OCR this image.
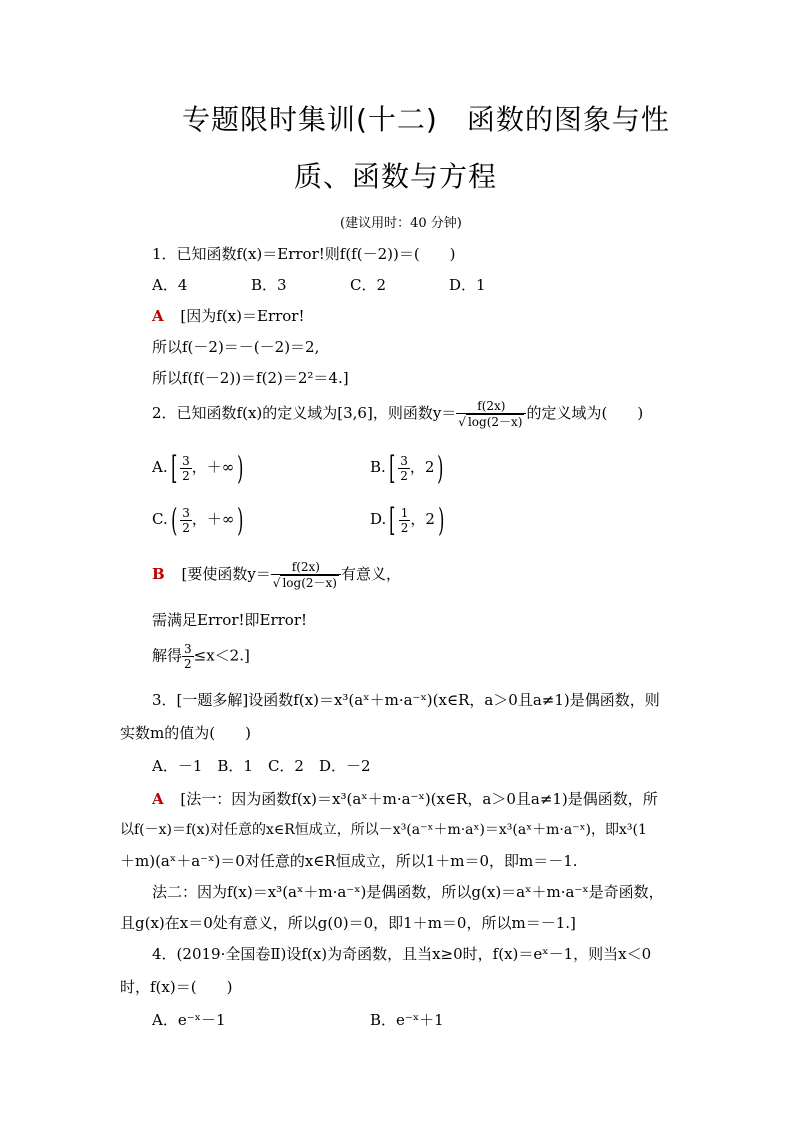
专题限时集训(十二)　函数的图象与性
质、函数与方程
(建议用时：40 分钟)
1．已知函数f(x)＝Error!则f(f(－2))＝(　　)
A．4	B．3	C．2	D．1
A [因为f(x)＝Error!
所以f(－2)＝－(－2)＝2,
所以f(f(－2))＝f(2)＝2²＝4.]
2．已知函数f(x)的定义域为[3,6]，则函数$y= \frac{f(2x)}{√ \log(2-x)}$ 的定义域为(　　)
$A.[ \frac{3}{2}$ ，＋∞)	$B.[ \frac{3}{2}$ ，2)
$C.( \frac{3}{2}$ ，＋∞)	$D.[ \frac{1}{2}$ ，2)
B [要使函数$y= \frac{f(2x)}{√ \log(2-x)}$ 有意义，
需满足Error!即Error!
解得 $\frac{3}{2} \le x<2$.]
3．[一题多解]设函数f(x)＝x³(aˣ＋m·a⁻ˣ)(x∈R，a＞0且a≠1)是偶函数，则
实数m的值为(　　)
A．－1　B．1　C．2　D．－2
A [法一：因为函数f(x)＝x³(aˣ＋m·a⁻ˣ)(x∈R，a＞0且a≠1)是偶函数，所
以f(－x)＝f(x)对任意的x∈R恒成立，所以－x³(a⁻ˣ＋m·aˣ)＝x³(aˣ＋m·a⁻ˣ)，即x³(1
＋m)(aˣ＋a⁻ˣ)＝0对任意的x∈R恒成立，所以1＋m＝0，即m＝－1.
法二：因为f(x)＝x³(aˣ＋m·a⁻ˣ)是偶函数，所以g(x)＝aˣ＋m·a⁻ˣ是奇函数，
且g(x)在x＝0处有意义，所以g(0)＝0，即1＋m＝0，所以m＝－1.]
4．(2019·全国卷Ⅱ)设f(x)为奇函数，且当x≥0时，f(x)＝eˣ－1，则当x＜0
时，f(x)＝(　　)
A．e⁻ˣ－1	B．e⁻ˣ＋1
